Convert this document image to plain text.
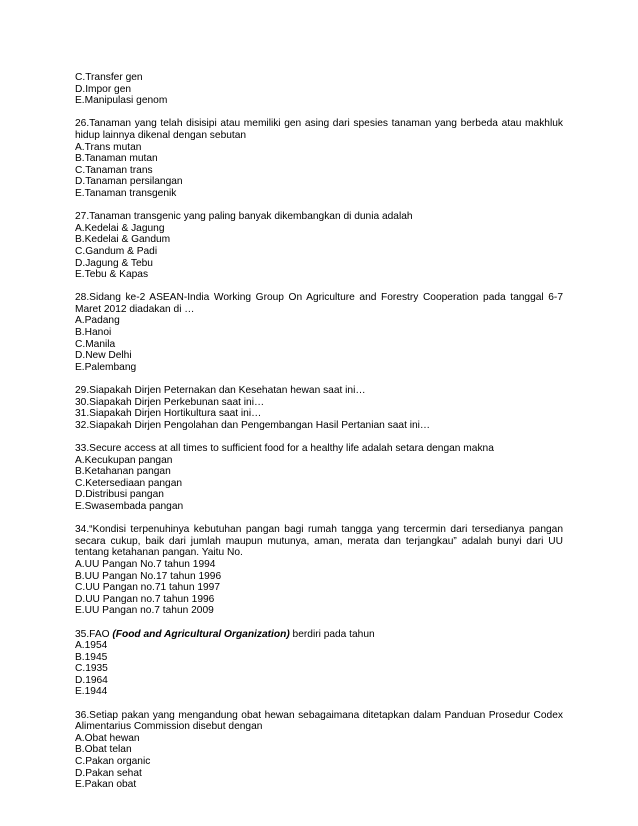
C.Transfer gen
D.Impor gen
E.Manipulasi genom
26.Tanaman yang telah disisipi atau memiliki gen asing dari spesies tanaman yang berbeda atau makhluk hidup lainnya dikenal dengan sebutan
A.Trans mutan
B.Tanaman mutan
C.Tanaman trans
D.Tanaman persilangan
E.Tanaman transgenik
27.Tanaman transgenic yang paling banyak dikembangkan di dunia adalah
A.Kedelai & Jagung
B.Kedelai & Gandum
C.Gandum & Padi
D.Jagung & Tebu
E.Tebu & Kapas
28.Sidang ke-2 ASEAN-India Working Group On Agriculture and Forestry Cooperation pada tanggal 6-7 Maret 2012 diadakan di …
A.Padang
B.Hanoi
C.Manila
D.New Delhi
E.Palembang
29.Siapakah Dirjen Peternakan dan Kesehatan hewan saat ini…
30.Siapakah Dirjen Perkebunan saat ini…
31.Siapakah Dirjen Hortikultura saat ini…
32.Siapakah Dirjen Pengolahan dan Pengembangan Hasil Pertanian saat ini…
33.Secure access at all times to sufficient food for a healthy life adalah setara dengan makna
A.Kecukupan pangan
B.Ketahanan pangan
C.Ketersediaan pangan
D.Distribusi pangan
E.Swasembada pangan
34.“Kondisi terpenuhinya kebutuhan pangan bagi rumah tangga yang tercermin dari tersedianya pangan secara cukup, baik dari jumlah maupun mutunya, aman, merata dan terjangkau” adalah bunyi dari UU tentang ketahanan pangan. Yaitu No.
A.UU Pangan No.7 tahun 1994
B.UU Pangan No.17 tahun 1996
C.UU Pangan no.71 tahun 1997
D.UU Pangan no.7 tahun 1996
E.UU Pangan no.7 tahun 2009
35.FAO (Food and Agricultural Organization) berdiri pada tahun
A.1954
B.1945
C.1935
D.1964
E.1944
36.Setiap pakan yang mengandung obat hewan sebagaimana ditetapkan dalam Panduan Prosedur Codex Alimentarius Commission disebut dengan
A.Obat hewan
B.Obat telan
C.Pakan organic
D.Pakan sehat
E.Pakan obat
